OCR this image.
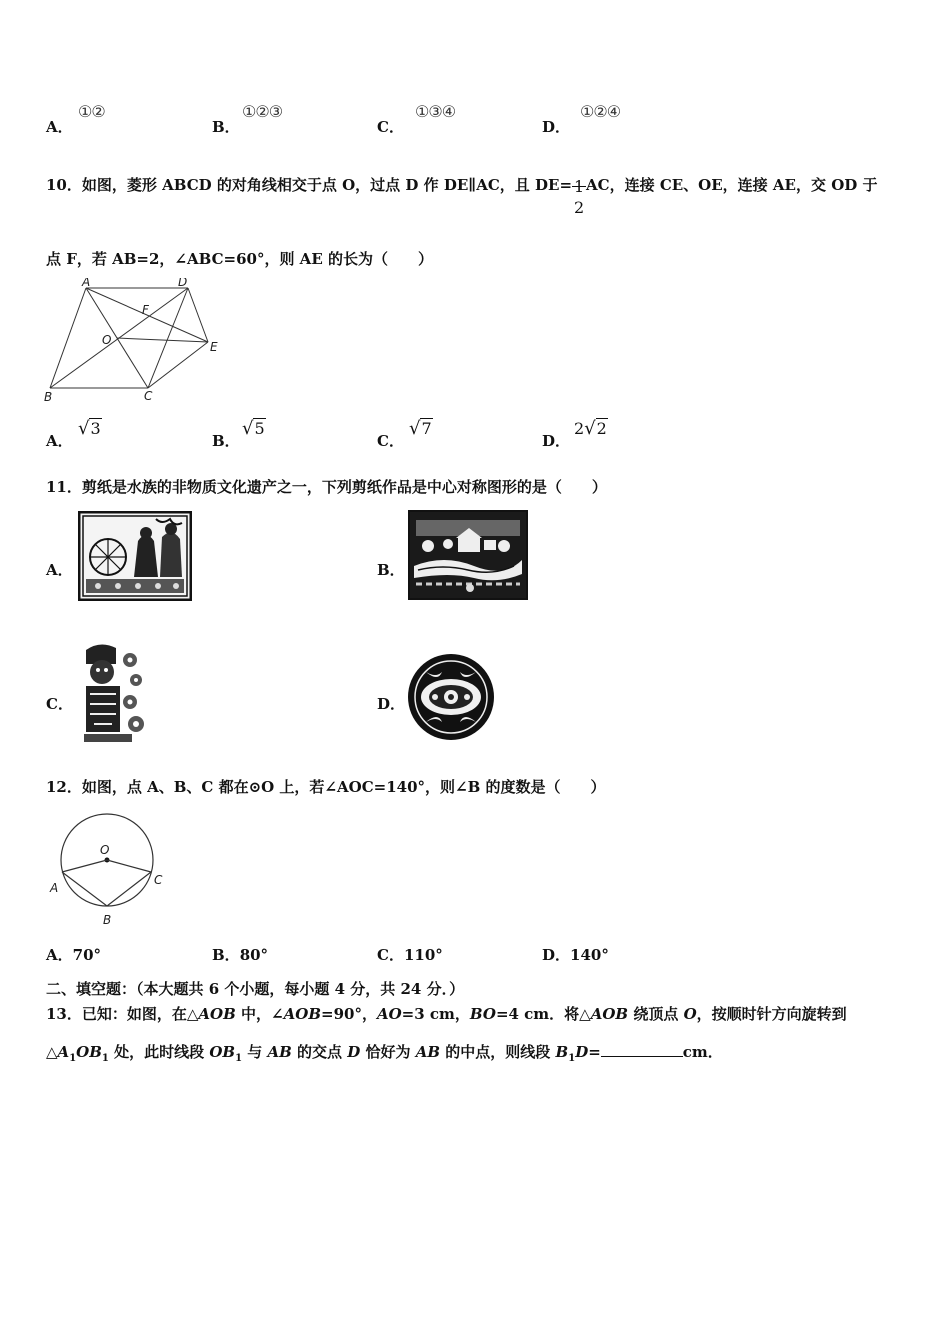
A．
①②
B．
①②③
C．
①③④
D．
①②④
10．如图，菱形 ABCD 的对角线相交于点 O，过点 D 作 DE∥AC，且 DE= 1
2
AC，连接 CE、OE，连接 AE，交 OD 于
点 F，若 AB=2，∠ABC=60°，则 AE 的长为（　　）
A	D
F
O	E
B	C
A．
√3
B．
√5
C．
√7
D．
2√2
11．剪纸是水族的非物质文化遗产之一，下列剪纸作品是中心对称图形的是（　　）
A．	B．
C．	D．
12．如图，点 A、B、C 都在⊙O 上，若∠AOC=140°，则∠B 的度数是（　　）
O
A
B
C
A．70°	B．80°	C．110°	D．140°
二、填空题：（本大题共 6 个小题，每小题 4 分，共 24 分．）
13．已知：如图，在△AOB 中，∠AOB=90°，AO=3 cm，BO=4 cm．将△AOB 绕顶点 O，按顺时针方向旋转到
$\triangle A_1OB_1$ 处，此时线段 $OB_1$ 与 AB 的交点 D 恰好为 AB 的中点，则线段 $B_1D=$	cm．
